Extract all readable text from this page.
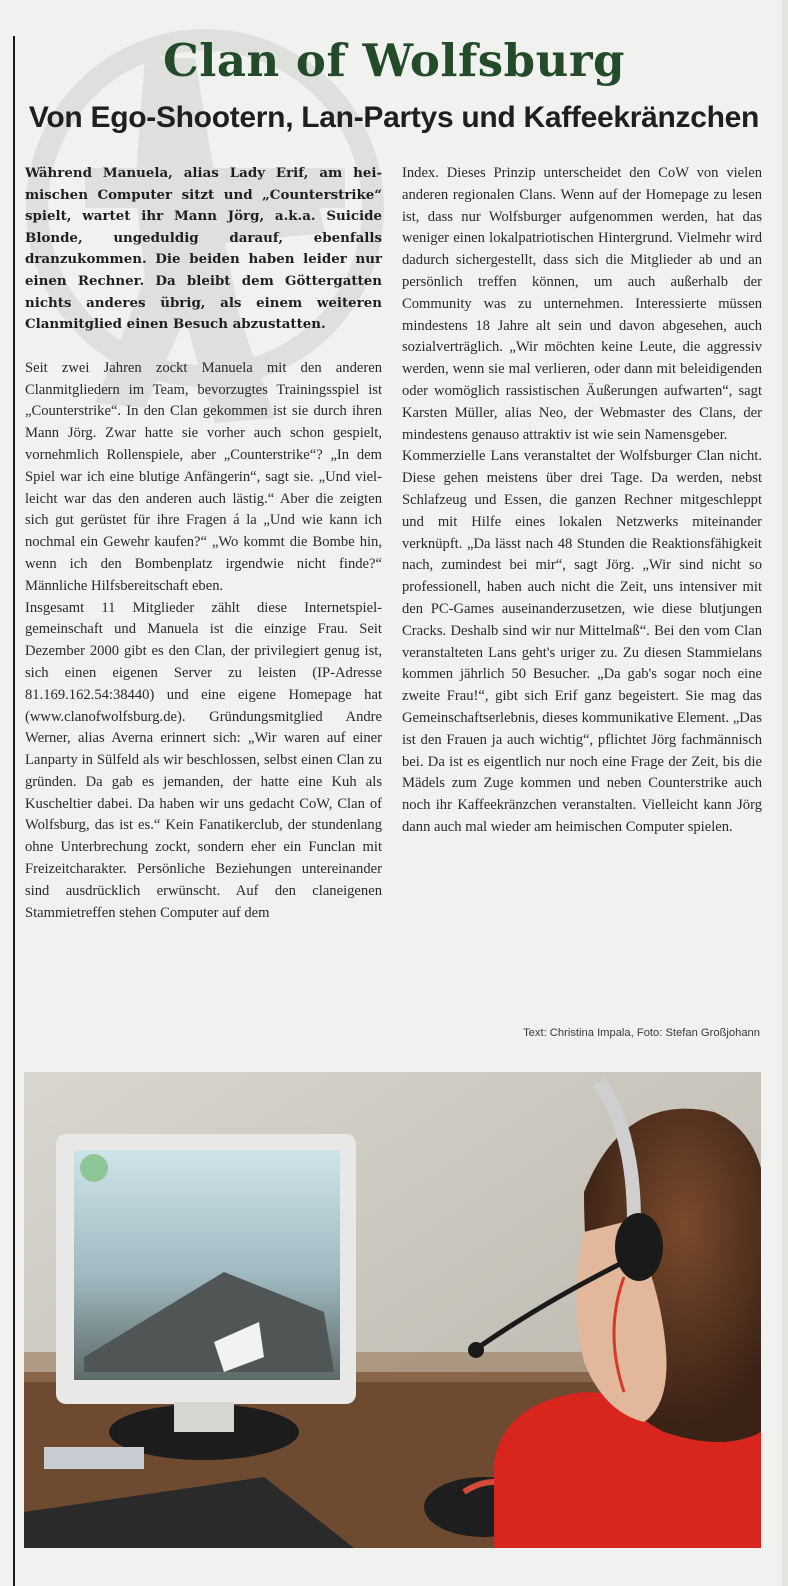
Clan of Wolfsburg
Von Ego-Shootern, Lan-Partys und Kaffeekränzchen

Während Manuela, alias Lady Erif, am heimischen Computer sitzt und „Counterstrike“ spielt, wartet ihr Mann Jörg, a.k.a. Suicide Blonde, ungeduldig darauf, ebenfalls dranzukommen. Die beiden haben leider nur einen Rechner. Da bleibt dem Göttergatten nichts anderes übrig, als einem weiteren Clanmitglied einen Besuch abzustatten.

Seit zwei Jahren zockt Manuela mit den anderen Clanmitgliedern im Team, bevorzugtes Trainingsspiel ist „Counterstrike“. In den Clan gekommen ist sie durch ihren Mann Jörg. Zwar hatte sie vorher auch schon gespielt, vornehmlich Rollenspiele, aber „Counterstrike“? „In dem Spiel war ich eine blutige Anfängerin“, sagt sie. „Und vielleicht war das den anderen auch lästig.“ Aber die zeigten sich gut gerüstet für ihre Fragen á la „Und wie kann ich nochmal ein Gewehr kaufen?“ „Wo kommt die Bombe hin, wenn ich den Bombenplatz irgendwie nicht finde?“ Männliche Hilfsbereitschaft eben.

Insgesamt 11 Mitglieder zählt diese Internetspielgemeinschaft und Manuela ist die einzige Frau. Seit Dezember 2000 gibt es den Clan, der privilegiert genug ist, sich einen eigenen Server zu leisten (IP-Adresse 81.169.162.54:38440) und eine eigene Homepage hat (www.clanofwolfsburg.de). Gründungsmitglied Andre Werner, alias Averna erinnert sich: „Wir waren auf einer Lanparty in Sülfeld als wir beschlossen, selbst einen Clan zu gründen. Da gab es jemanden, der hatte eine Kuh als Kuscheltier dabei. Da haben wir uns gedacht CoW, Clan of Wolfsburg, das ist es.“ Kein Fanatikerclub, der stundenlang ohne Unterbrechung zockt, sondern eher ein Funclan mit Freizeitcharakter. Persönliche Beziehungen untereinander sind ausdrücklich erwünscht. Auf den claneigenen Stammietreffen stehen Computer auf dem

Index. Dieses Prinzip unterscheidet den CoW von vielen anderen regionalen Clans. Wenn auf der Homepage zu lesen ist, dass nur Wolfsburger aufgenommen werden, hat das weniger einen lokalpatriotischen Hintergrund. Vielmehr wird dadurch sichergestellt, dass sich die Mitglieder ab und an persönlich treffen können, um auch außerhalb der Community was zu unternehmen. Interessierte müssen mindestens 18 Jahre alt sein und davon abgesehen, auch sozialverträglich. „Wir möchten keine Leute, die aggressiv werden, wenn sie mal verlieren, oder dann mit beleidigenden oder womöglich rassistischen Äußerungen aufwarten“, sagt Karsten Müller, alias Neo, der Webmaster des Clans, der mindestens genauso attraktiv ist wie sein Namensgeber.

Kommerzielle Lans veranstaltet der Wolfsburger Clan nicht. Diese gehen meistens über drei Tage. Da werden, nebst Schlafzeug und Essen, die ganzen Rechner mitgeschleppt und mit Hilfe eines lokalen Netzwerks miteinander verknüpft. „Da lässt nach 48 Stunden die Reaktionsfähigkeit nach, zumindest bei mir“, sagt Jörg. „Wir sind nicht so professionell, haben auch nicht die Zeit, uns intensiver mit den PC-Games auseinanderzusetzen, wie diese blutjungen Cracks. Deshalb sind wir nur Mittelmaß“. Bei den vom Clan veranstalteten Lans geht's uriger zu. Zu diesen Stammielans kommen jährlich 50 Besucher. „Da gab's sogar noch eine zweite Frau!“, gibt sich Erif ganz begeistert. Sie mag das Gemeinschaftserlebnis, dieses kommunikative Element. „Das ist den Frauen ja auch wichtig“, pflichtet Jörg fachmännisch bei. Da ist es eigentlich nur noch eine Frage der Zeit, bis die Mädels zum Zuge kommen und neben Counterstrike auch noch ihr Kaffeekränzchen veranstalten. Vielleicht kann Jörg dann auch mal wieder am heimischen Computer spielen.

Text: Christina Impala, Foto: Stefan Großjohann
